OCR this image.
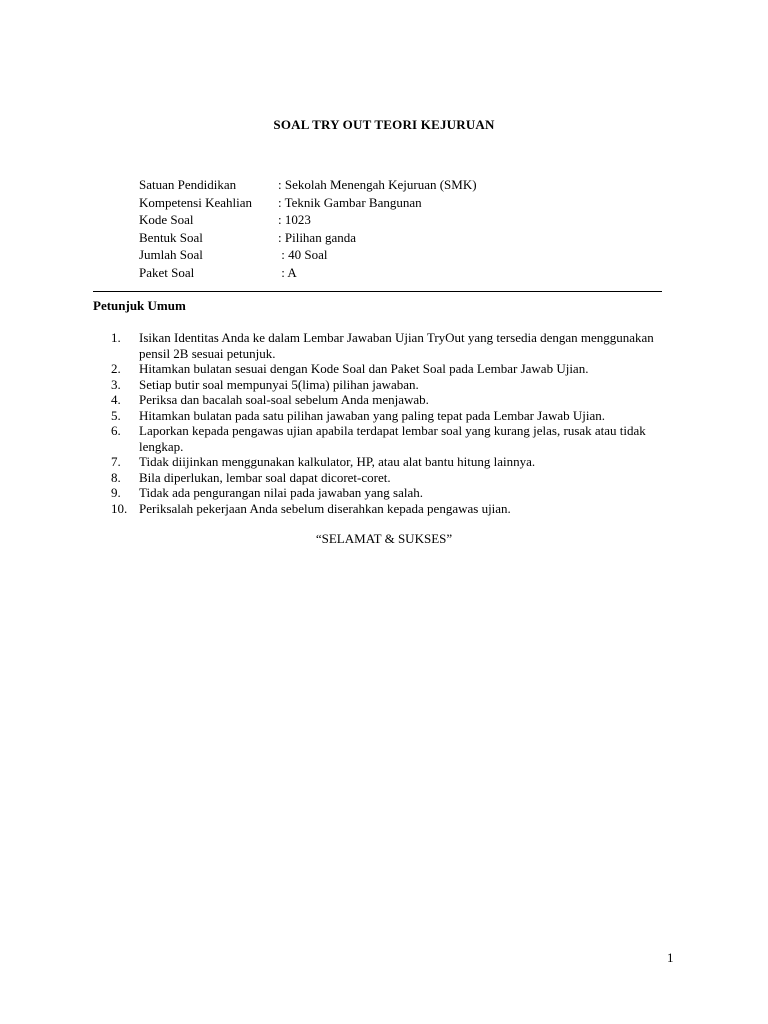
SOAL TRY OUT TEORI KEJURUAN
Satuan Pendidikan	: Sekolah Menengah Kejuruan (SMK)
Kompetensi Keahlian : Teknik Gambar Bangunan
Kode Soal	: 1023
Bentuk Soal	: Pilihan ganda
Jumlah Soal	: 40 Soal
Paket Soal	: A
Petunjuk Umum
1.	Isikan Identitas Anda ke dalam Lembar Jawaban Ujian TryOut yang tersedia dengan menggunakan pensil 2B sesuai petunjuk.
2.	Hitamkan bulatan sesuai dengan Kode Soal dan Paket Soal pada Lembar Jawab Ujian.
3.	Setiap butir soal mempunyai 5(lima) pilihan jawaban.
4.	Periksa dan bacalah soal-soal sebelum Anda menjawab.
5.	Hitamkan bulatan pada satu pilihan jawaban yang paling tepat pada Lembar Jawab Ujian.
6.	Laporkan kepada pengawas ujian apabila terdapat lembar soal yang kurang jelas, rusak atau tidak lengkap.
7.	Tidak diijinkan menggunakan kalkulator, HP, atau alat bantu hitung lainnya.
8.	Bila diperlukan, lembar soal dapat dicoret-coret.
9.	Tidak ada pengurangan nilai pada jawaban yang salah.
10. Periksalah pekerjaan Anda sebelum diserahkan kepada pengawas ujian.
“SELAMAT & SUKSES”
1
